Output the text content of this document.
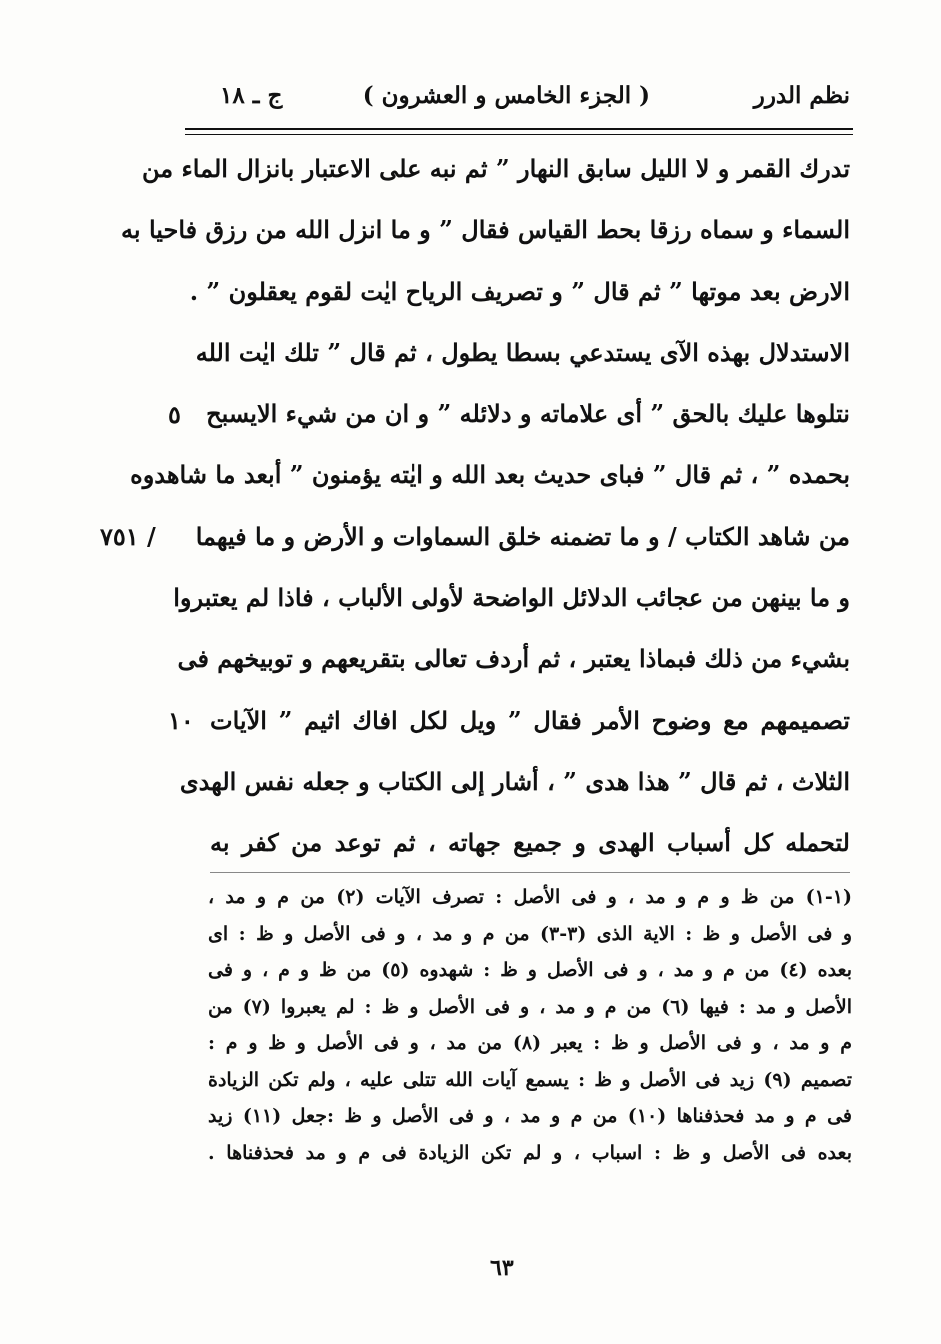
نظم الدرر
( الجزء الخامس و العشرون )
ج ـ ١٨
تدرك القمر و لا الليل سابق النهار ” ثم نبه على الاعتبار بانزال الماء من
السماء و سماه رزقا بحط القياس فقال ” و ما انزل الله من رزق فاحيا به
الارض بعد موتها ” ثم قال ” و تصريف الرياح ايٰت لقوم يعقلون ” .
الاستدلال بهذه الآى يستدعي بسطا يطول ، ثم قال ” تلك ايٰت الله
نتلوها عليك بالحق ” أى علاماته و دلائله ” و ان من شيء الايسبح
بحمده ” ، ثم قال ” فباى حديث بعد الله و ايٰته يؤمنون ” أبعد ما شاهدوه
من شاهد الكتاب / و ما تضمنه خلق السماوات و الأرض و ما فيهما
و ما بينهن من عجائب الدلائل الواضحة لأولى الألباب ، فاذا لم يعتبروا
بشيء من ذلك فبماذا يعتبر ، ثم أردف تعالى بتقريعهم و توبيخهم فى
تصميمهم مع وضوح الأمر فقال ” ويل لكل افاك اثيم ” الآيات
الثلاث ، ثم قال ” هذا هدى ” ، أشار إلى الكتاب و جعله نفس الهدى
لتحمله كل أسباب الهدى و جميع جهاته ، ثم توعد من كفر به
٥
/ ٧٥١
١٠
(١-١) من ظ و م و مد ، و فى الأصل : تصرف الآيات (٢) من م و مد ،
و فى الأصل و ظ : الاية الذى (٣-٣) من م و مد ، و فى الأصل و ظ : اى
بعده (٤) من م و مد ، و فى الأصل و ظ : شهدوه (٥) من ظ و م ، و فى
الأصل و مد : فيها (٦) من م و مد ، و فى الأصل و ظ : لم يعبروا (٧) من
م و مد ، و فى الأصل و ظ : يعبر (٨) من مد ، و فى الأصل و ظ و م :
تصميم (٩) زيد فى الأصل و ظ : يسمع آيات الله تتلى عليه ، ولم تكن الزيادة
فى م و مد فحذفناها (١٠) من م و مد ، و فى الأصل و ظ :جعل (١١) زيد
بعده فى الأصل و ظ : اسباب ، و لم تكن الزيادة فى م و مد فحذفناها .
٦٣
